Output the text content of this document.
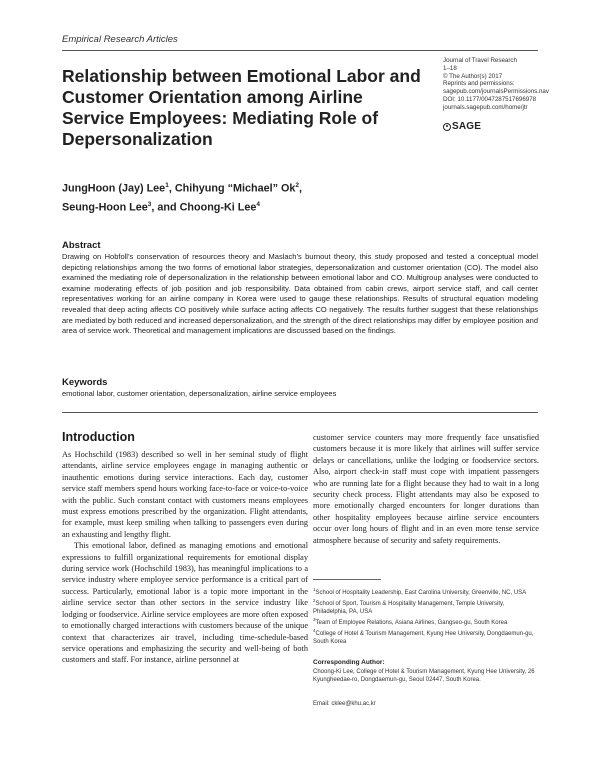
Empirical Research Articles
Relationship between Emotional Labor and Customer Orientation among Airline Service Employees: Mediating Role of Depersonalization
Journal of Travel Research
1–18
© The Author(s) 2017
Reprints and permissions:
sagepub.com/journalsPermissions.nav
DOI: 10.1177/0047287517696978
journals.sagepub.com/home/jtr
SAGE
JungHoon (Jay) Lee$^1$, Chihyung “Michael” Ok$^2$,
Seung-Hoon Lee$^3$, and Choong-Ki Lee$^4$
Abstract

Drawing on Hobfoll’s conservation of resources theory and Maslach’s burnout theory, this study proposed and tested a conceptual model depicting relationships among the two forms of emotional labor strategies, depersonalization and customer orientation (CO). The model also examined the mediating role of depersonalization in the relationship between emotional labor and CO. Multigroup analyses were conducted to examine moderating effects of job position and job responsibility. Data obtained from cabin crews, airport service staff, and call center representatives working for an airline company in Korea were used to gauge these relationships. Results of structural equation modeling revealed that deep acting affects CO positively while surface acting affects CO negatively. The results further suggest that these relationships are mediated by both reduced and increased depersonalization, and the strength of the direct relationships may differ by employee position and area of service work. Theoretical and management implications are discussed based on the findings.

Keywords

emotional labor, customer orientation, depersonalization, airline service employees

Introduction

As Hochschild (1983) described so well in her seminal study of flight attendants, airline service employees engage in managing authentic or inauthentic emotions during service interactions. Each day, customer service staff members spend hours working face-to-face or voice-to-voice with the public. Such constant contact with customers means employees must express emotions prescribed by the organization. Flight attendants, for example, must keep smiling when talking to passengers even during an exhausting and lengthy flight.

This emotional labor, defined as managing emotions and emotional expressions to fulfill organizational requirements for emotional display during service work (Hochschild 1983), has meaningful implications to a service industry where employee service performance is a critical part of success. Particularly, emotional labor is a topic more important in the airline service sector than other sectors in the service industry like lodging or foodservice. Airline service employees are more often exposed to emotionally charged interactions with customers because of the unique context that characterizes air travel, including time-schedule-based service operations and emphasizing the security and well-being of both customers and staff. For instance, airline personnel at

customer service counters may more frequently face unsatisfied customers because it is more likely that airlines will suffer service delays or cancellations, unlike the lodging or foodservice sectors. Also, airport check-in staff must cope with impatient passengers who are running late for a flight because they had to wait in a long security check process. Flight attendants may also be exposed to more emotionally charged encounters for longer durations than other hospitality employees because airline service encounters occur over long hours of flight and in an even more tense service atmosphere because of security and safety requirements.

$^1$School of Hospitality Leadership, East Carolina University, Greenville, NC, USA
$^2$School of Sport, Tourism & Hospitality Management, Temple University, Philadelphia, PA, USA
$^3$Team of Employee Relations, Asiana Airlines, Gangseo-gu, South Korea
$^4$College of Hotel & Tourism Management, Kyung Hee University, Dongdaemun-gu, South Korea
Corresponding Author:
Choong-Ki Lee, College of Hotel & Tourism Management, Kyung Hee University, 26 Kyungheedae-ro, Dongdaemun-gu, Seoul 02447, South Korea.
Email: cklee@khu.ac.kr
